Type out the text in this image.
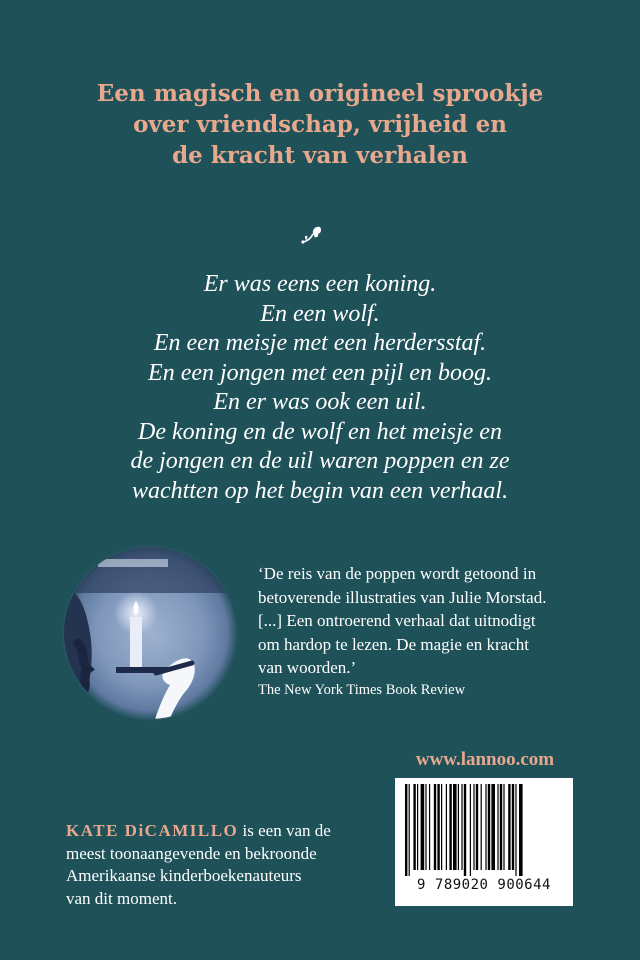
Een magisch en origineel sprookje
over vriendschap, vrijheid en
de kracht van verhalen
Er was eens een koning.
En een wolf.
En een meisje met een herdersstaf.
En een jongen met een pijl en boog.
En er was ook een uil.
De koning en de wolf en het meisje en
de jongen en de uil waren poppen en ze
wachtten op het begin van een verhaal.
‘De reis van de poppen wordt getoond in
betoverende illustraties van Julie Morstad.
[...] Een ontroerend verhaal dat uitnodigt
om hardop te lezen. De magie en kracht
van woorden.’
The New York Times Book Review
www.lannoo.com
9 789020 900644
KATE DiCAMILLO is een van de
meest toonaangevende en bekroonde
Amerikaanse kinderboekenauteurs
van dit moment.
